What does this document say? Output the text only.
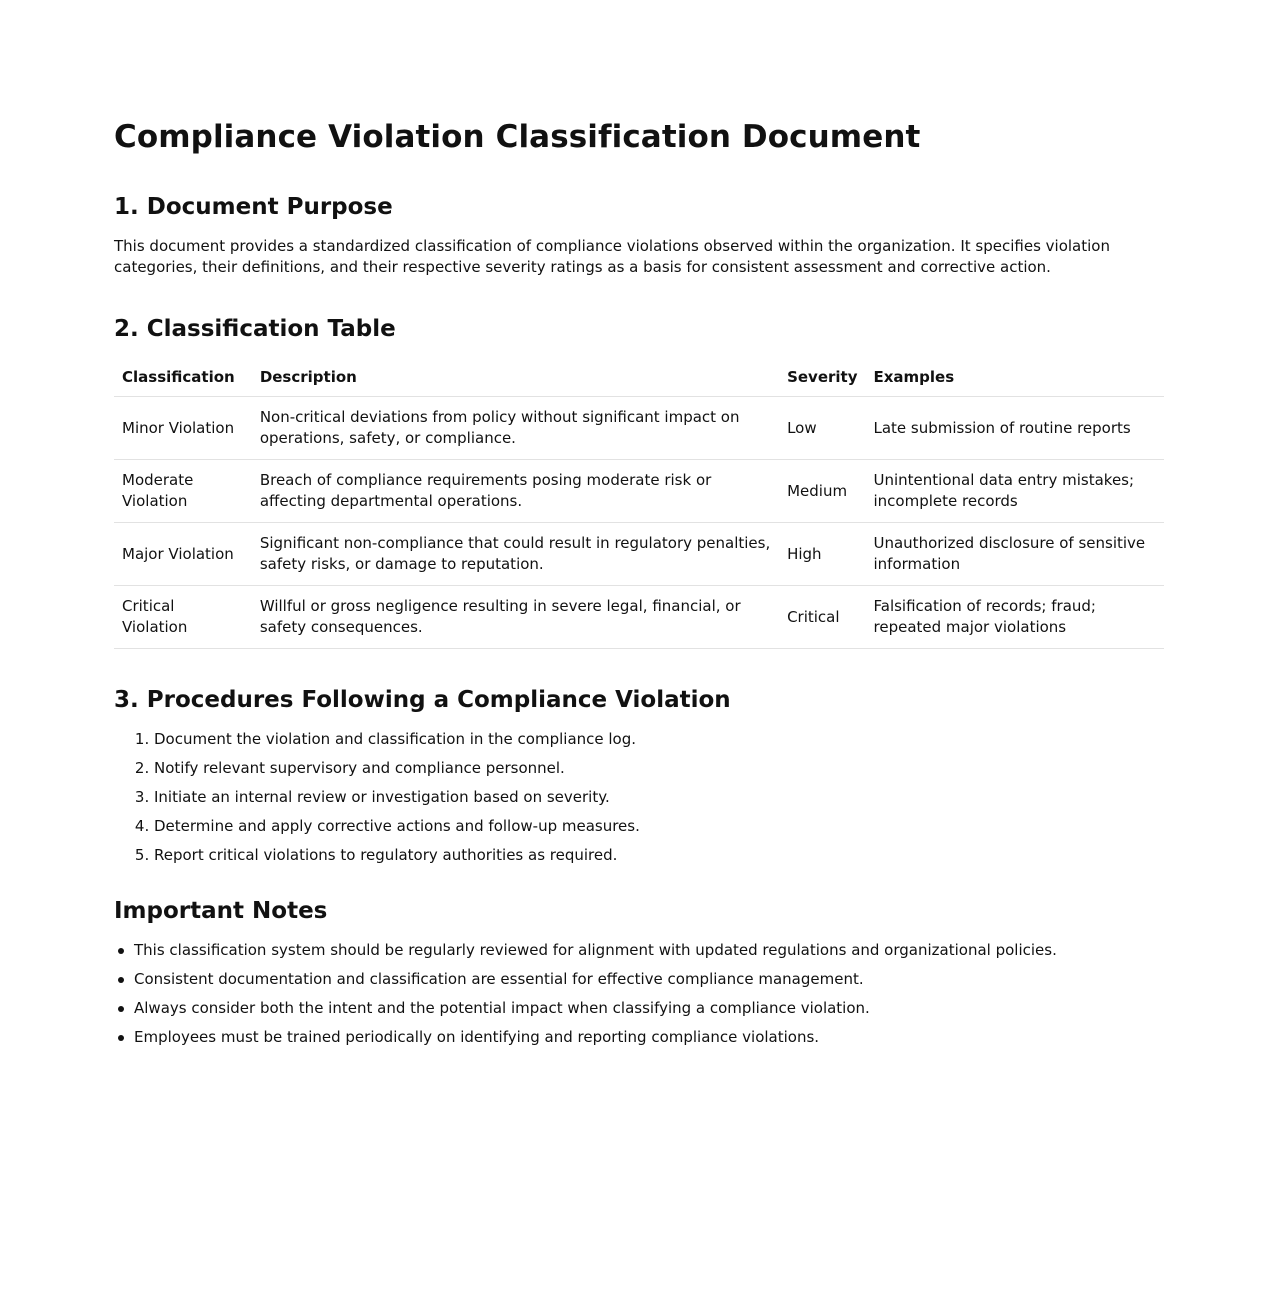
Compliance Violation Classification Document
1. Document Purpose

This document provides a standardized classification of compliance violations observed within the organization. It specifies violation categories, their definitions, and their respective severity ratings as a basis for consistent assessment and corrective action.

2. Classification Table
Classification	Description	Severity	Examples
Minor Violation	Non-critical deviations from policy without significant impact on operations, safety, or compliance.	Low	Late submission of routine reports
Moderate Violation	Breach of compliance requirements posing moderate risk or affecting departmental operations.	Medium	Unintentional data entry mistakes; incomplete records
Major Violation	Significant non-compliance that could result in regulatory penalties, safety risks, or damage to reputation.	High	Unauthorized disclosure of sensitive information
Critical Violation	Willful or gross negligence resulting in severe legal, financial, or safety consequences.	Critical	Falsification of records; fraud; repeated major violations
3. Procedures Following a Compliance Violation
1. Document the violation and classification in the compliance log.
2. Notify relevant supervisory and compliance personnel.
3. Initiate an internal review or investigation based on severity.
4. Determine and apply corrective actions and follow-up measures.
5. Report critical violations to regulatory authorities as required.
Important Notes
This classification system should be regularly reviewed for alignment with updated regulations and organizational policies.
Consistent documentation and classification are essential for effective compliance management.
Always consider both the intent and the potential impact when classifying a compliance violation.
Employees must be trained periodically on identifying and reporting compliance violations.
